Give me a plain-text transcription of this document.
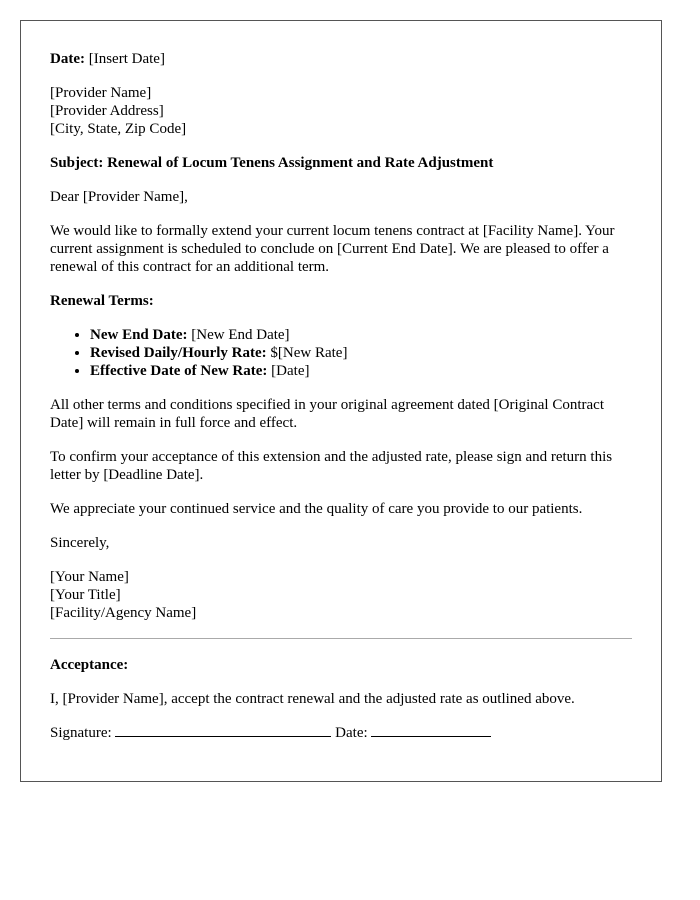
Date: [Insert Date]

[Provider Name]
[Provider Address]
[City, State, Zip Code]

Subject: Renewal of Locum Tenens Assignment and Rate Adjustment

Dear [Provider Name],

We would like to formally extend your current locum tenens contract at [Facility Name]. Your current assignment is scheduled to conclude on [Current End Date]. We are pleased to offer a renewal of this contract for an additional term.

Renewal Terms:

• New End Date: [New End Date]
• Revised Daily/Hourly Rate: $[New Rate]
• Effective Date of New Rate: [Date]

All other terms and conditions specified in your original agreement dated [Original Contract Date] will remain in full force and effect.

To confirm your acceptance of this extension and the adjusted rate, please sign and return this letter by [Deadline Date].

We appreciate your continued service and the quality of care you provide to our patients.

Sincerely,

[Your Name]
[Your Title]
[Facility/Agency Name]

Acceptance:

I, [Provider Name], accept the contract renewal and the adjusted rate as outlined above.

Signature:	Date:
